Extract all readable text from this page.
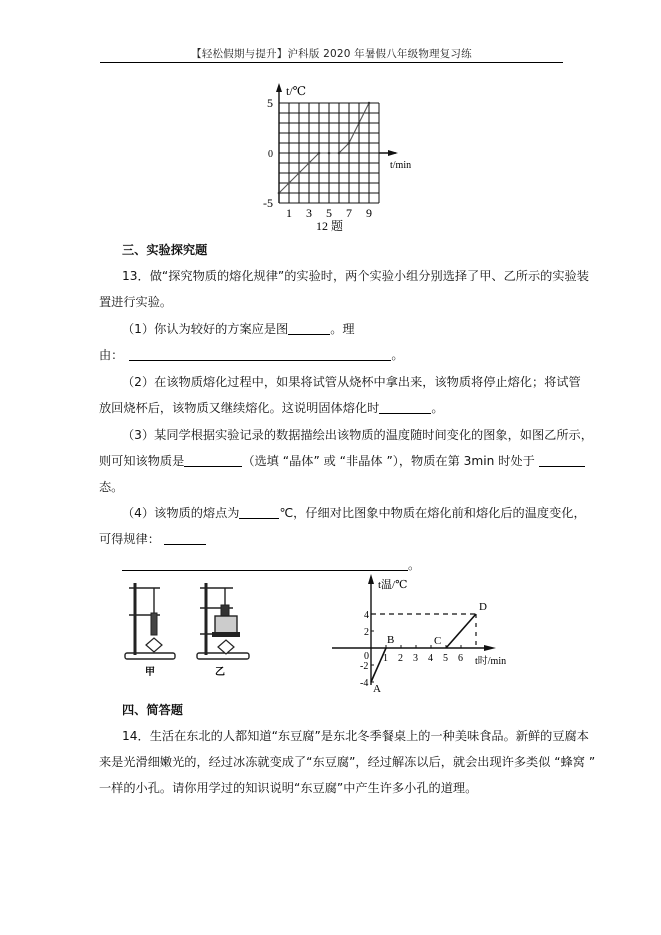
【轻松假期与提升】沪科版 2020 年暑假八年级物理复习练
t/℃
t/min
5
0
-5
1 3 5 7 9
12 题
三、实验探究题
13．做“探究物质的熔化规律”的实验时，两个实验小组分别选择了甲、乙所示的实验装
置进行实验。
（1）你认为较好的方案应是图	。理
由：	。
（2）在该物质熔化过程中，如果将试管从烧杯中拿出来，该物质将停止熔化；将试管
放回烧杯后，该物质又继续熔化。这说明固体熔化时	。
（3）某同学根据实验记录的数据描绘出该物质的温度随时间变化的图象，如图乙所示，
则可知该物质是	（选填 “晶体” 或 “非晶体 ”），物质在第 3min 时处于
态。
（4）该物质的熔点为	℃，仔细对比图象中物质在熔化前和熔化后的温度变化，
可得规律：
。
甲	乙
4
2
0
-2
-4
1 2 3 4 5 6
A
B	C
D
t温/℃
t时/min
四、简答题
14．生活在东北的人都知道“东豆腐”是东北冬季餐桌上的一种美味食品。新鲜的豆腐本
来是光滑细嫩光的，经过冰冻就变成了“东豆腐”，经过解冻以后，就会出现许多类似 “蜂窝 ”
一样的小孔。请你用学过的知识说明“东豆腐”中产生许多小孔的道理。
